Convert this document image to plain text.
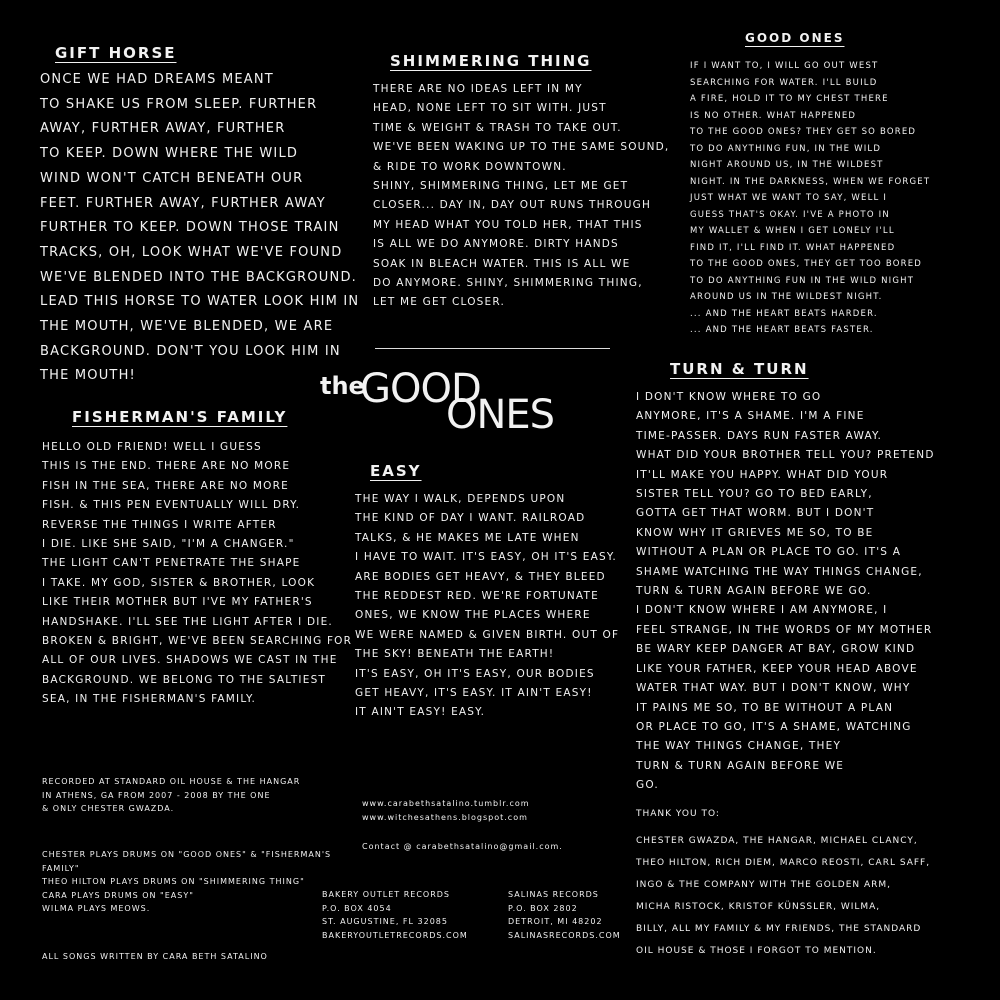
GIFT HORSE
ONCE WE HAD DREAMS MEANT
TO SHAKE US FROM SLEEP. FURTHER
AWAY, FURTHER AWAY, FURTHER
TO KEEP. DOWN WHERE THE WILD
WIND WON'T CATCH BENEATH OUR
FEET. FURTHER AWAY, FURTHER AWAY
FURTHER TO KEEP. DOWN THOSE TRAIN
TRACKS, OH, LOOK WHAT WE'VE FOUND
WE'VE BLENDED INTO THE BACKGROUND.
LEAD THIS HORSE TO WATER LOOK HIM IN
THE MOUTH, WE'VE BLENDED, WE ARE
BACKGROUND. DON'T YOU LOOK HIM IN
THE MOUTH!
SHIMMERING THING
THERE ARE NO IDEAS LEFT IN MY
HEAD, NONE LEFT TO SIT WITH. JUST
TIME & WEIGHT & TRASH TO TAKE OUT.
WE'VE BEEN WAKING UP TO THE SAME SOUND,
& RIDE TO WORK DOWNTOWN.
SHINY, SHIMMERING THING, LET ME GET
CLOSER... DAY IN, DAY OUT RUNS THROUGH
MY HEAD WHAT YOU TOLD HER, THAT THIS
IS ALL WE DO ANYMORE. DIRTY HANDS
SOAK IN BLEACH WATER. THIS IS ALL WE
DO ANYMORE. SHINY, SHIMMERING THING,
LET ME GET CLOSER.
GOOD ONES
IF I WANT TO, I WILL GO OUT WEST
SEARCHING FOR WATER. I'LL BUILD
A FIRE, HOLD IT TO MY CHEST THERE
IS NO OTHER. WHAT HAPPENED
TO THE GOOD ONES? THEY GET SO BORED
TO DO ANYTHING FUN, IN THE WILD
NIGHT AROUND US, IN THE WILDEST
NIGHT. IN THE DARKNESS, WHEN WE FORGET
JUST WHAT WE WANT TO SAY, WELL I
GUESS THAT'S OKAY. I'VE A PHOTO IN
MY WALLET & WHEN I GET LONELY I'LL
FIND IT, I'LL FIND IT. WHAT HAPPENED
TO THE GOOD ONES, THEY GET TOO BORED
TO DO ANYTHING FUN IN THE WILD NIGHT
AROUND US IN THE WILDEST NIGHT.
... AND THE HEART BEATS HARDER.
... AND THE HEART BEATS FASTER.
the
GOOD
ONES
FISHERMAN'S FAMILY
HELLO OLD FRIEND! WELL I GUESS
THIS IS THE END. THERE ARE NO MORE
FISH IN THE SEA, THERE ARE NO MORE
FISH. & THIS PEN EVENTUALLY WILL DRY.
REVERSE THE THINGS I WRITE AFTER
I DIE. LIKE SHE SAID, "I'M A CHANGER."
THE LIGHT CAN'T PENETRATE THE SHAPE
I TAKE. MY GOD, SISTER & BROTHER, LOOK
LIKE THEIR MOTHER BUT I'VE MY FATHER'S
HANDSHAKE. I'LL SEE THE LIGHT AFTER I DIE.
BROKEN & BRIGHT, WE'VE BEEN SEARCHING FOR
ALL OF OUR LIVES. SHADOWS WE CAST IN THE
BACKGROUND. WE BELONG TO THE SALTIEST
SEA, IN THE FISHERMAN'S FAMILY.
EASY
THE WAY I WALK, DEPENDS UPON
THE KIND OF DAY I WANT. RAILROAD
TALKS, & HE MAKES ME LATE WHEN
I HAVE TO WAIT. IT'S EASY, OH IT'S EASY.
ARE BODIES GET HEAVY, & THEY BLEED
THE REDDEST RED. WE'RE FORTUNATE
ONES, WE KNOW THE PLACES WHERE
WE WERE NAMED & GIVEN BIRTH. OUT OF
THE SKY! BENEATH THE EARTH!
IT'S EASY, OH IT'S EASY, OUR BODIES
GET HEAVY, IT'S EASY. IT AIN'T EASY!
IT AIN'T EASY! EASY.
TURN & TURN
I DON'T KNOW WHERE TO GO
ANYMORE, IT'S A SHAME. I'M A FINE
TIME-PASSER. DAYS RUN FASTER AWAY.
WHAT DID YOUR BROTHER TELL YOU? PRETEND
IT'LL MAKE YOU HAPPY. WHAT DID YOUR
SISTER TELL YOU? GO TO BED EARLY,
GOTTA GET THAT WORM. BUT I DON'T
KNOW WHY IT GRIEVES ME SO, TO BE
WITHOUT A PLAN OR PLACE TO GO. IT'S A
SHAME WATCHING THE WAY THINGS CHANGE,
TURN & TURN AGAIN BEFORE WE GO.
I DON'T KNOW WHERE I AM ANYMORE, I
FEEL STRANGE, IN THE WORDS OF MY MOTHER
BE WARY KEEP DANGER AT BAY, GROW KIND
LIKE YOUR FATHER, KEEP YOUR HEAD ABOVE
WATER THAT WAY. BUT I DON'T KNOW, WHY
IT PAINS ME SO, TO BE WITHOUT A PLAN
OR PLACE TO GO, IT'S A SHAME, WATCHING
THE WAY THINGS CHANGE, THEY
TURN & TURN AGAIN BEFORE WE
GO.
RECORDED AT STANDARD OIL HOUSE & THE HANGAR
IN ATHENS, GA FROM 2007 - 2008 BY THE ONE
& ONLY CHESTER GWAZDA.
CHESTER PLAYS DRUMS ON "GOOD ONES" & "FISHERMAN'S
FAMILY"
THEO HILTON PLAYS DRUMS ON "SHIMMERING THING"
CARA PLAYS DRUMS ON "EASY"
WILMA PLAYS MEOWS.
ALL SONGS WRITTEN BY CARA BETH SATALINO
www.carabethsatalino.tumblr.com
www.witchesathens.blogspot.com
Contact @ carabethsatalino@gmail.com.
BAKERY OUTLET RECORDS
P.O. BOX 4054
ST. AUGUSTINE, FL 32085
BAKERYOUTLETRECORDS.COM
SALINAS RECORDS
P.O. BOX 2802
DETROIT, MI 48202
SALINASRECORDS.COM
THANK YOU TO:
CHESTER GWAZDA, THE HANGAR, MICHAEL CLANCY,
THEO HILTON, RICH DIEM, MARCO REOSTI, CARL SAFF,
INGO & THE COMPANY WITH THE GOLDEN ARM,
MICHA RISTOCK, KRISTOF KÜNSSLER, WILMA,
BILLY, ALL MY FAMILY & MY FRIENDS, THE STANDARD
OIL HOUSE & THOSE I FORGOT TO MENTION.
